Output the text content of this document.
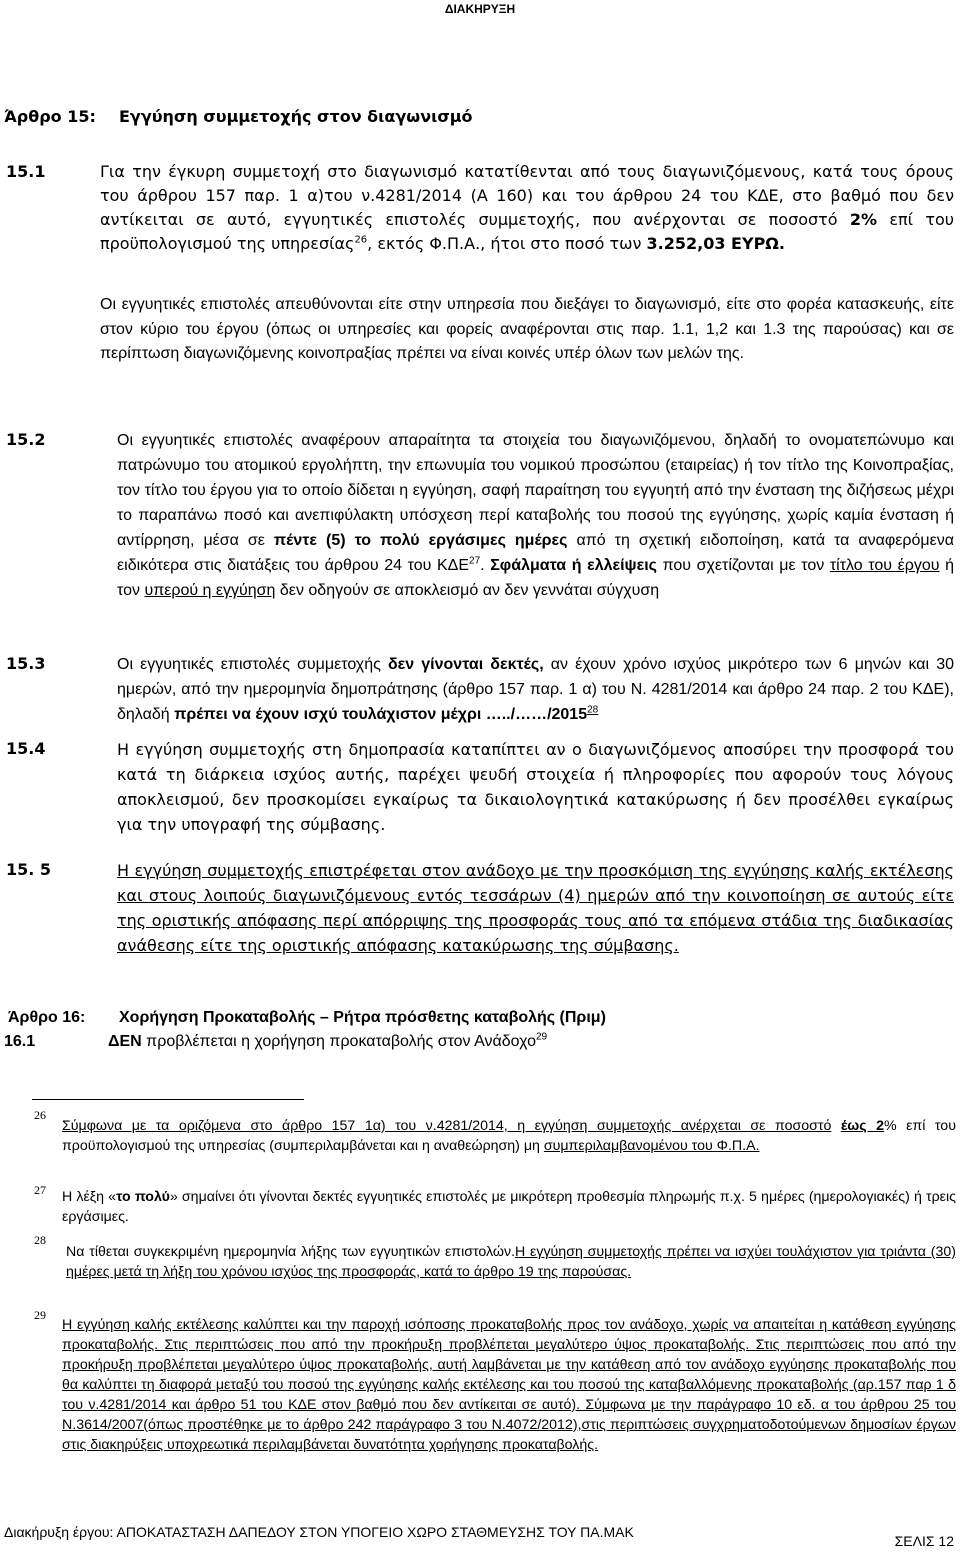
ΔΙΑΚΗΡΥΞΗ
Άρθρο 15: Εγγύηση συμμετοχής στον διαγωνισμό
15.1	Για την έγκυρη συμμετοχή στο διαγωνισμό κατατίθενται από τους διαγωνιζόμενους, κατά τους όρους του άρθρου 157 παρ. 1 α)του ν.4281/2014 (Α 160) και του άρθρου 24 του ΚΔΕ, στο βαθμό που δεν αντίκειται σε αυτό, εγγυητικές επιστολές συμμετοχής, που ανέρχονται σε ποσοστό 2% επί του προϋπολογισμού της υπηρεσίας$^{26}$, εκτός Φ.Π.Α., ήτοι στο ποσό των 3.252,03 ΕΥΡΩ.
Οι εγγυητικές επιστολές απευθύνονται είτε στην υπηρεσία που διεξάγει το διαγωνισμό, είτε στο φορέα κατασκευής, είτε στον κύριο του έργου (όπως οι υπηρεσίες και φορείς αναφέρονται στις παρ. 1.1, 1,2 και 1.3 της παρούσας) και σε περίπτωση διαγωνιζόμενης κοινοπραξίας πρέπει να είναι κοινές υπέρ όλων των μελών της.
15.2	Οι εγγυητικές επιστολές αναφέρουν απαραίτητα τα στοιχεία του διαγωνιζόμενου, δηλαδή το ονοματεπώνυμο και πατρώνυμο του ατομικού εργολήπτη, την επωνυμία του νομικού προσώπου (εταιρείας) ή τον τίτλο της Κοινοπραξίας, τον τίτλο του έργου για το οποίο δίδεται η εγγύηση, σαφή παραίτηση του εγγυητή από την ένσταση της διζήσεως μέχρι το παραπάνω ποσό και ανεπιφύλακτη υπόσχεση περί καταβολής του ποσού της εγγύησης, χωρίς καμία ένσταση ή αντίρρηση, μέσα σε πέντε (5) το πολύ εργάσιμες ημέρες από τη σχετική ειδοποίηση, κατά τα αναφερόμενα ειδικότερα στις διατάξεις του άρθρου 24 του ΚΔΕ$^{27}$. Σφάλματα ή ελλείψεις που σχετίζονται με τον τίτλο του έργου ή τον υπερού η εγγύηση δεν οδηγούν σε αποκλεισμό αν δεν γεννάται σύγχυση
15.3	Οι εγγυητικές επιστολές συμμετοχής δεν γίνονται δεκτές, αν έχουν χρόνο ισχύος μικρότερο των 6 μηνών και 30 ημερών, από την ημερομηνία δημοπράτησης (άρθρο 157 παρ. 1 α) του Ν. 4281/2014 και άρθρο 24 παρ. 2 του ΚΔΕ), δηλαδή πρέπει να έχουν ισχύ τουλάχιστον μέχρι …../……/2015$^{28}$
15.4	Η εγγύηση συμμετοχής στη δημοπρασία καταπίπτει αν ο διαγωνιζόμενος αποσύρει την προσφορά του κατά τη διάρκεια ισχύος αυτής, παρέχει ψευδή στοιχεία ή πληροφορίες που αφορούν τους λόγους αποκλεισμού, δεν προσκομίσει εγκαίρως τα δικαιολογητικά κατακύρωσης ή δεν προσέλθει εγκαίρως για την υπογραφή της σύμβασης.
15. 5	Η εγγύηση συμμετοχής επιστρέφεται στον ανάδοχο με την προσκόμιση της εγγύησης καλής εκτέλεσης και στους λοιπούς διαγωνιζόμενους εντός τεσσάρων (4) ημερών από την κοινοποίηση σε αυτούς είτε της οριστικής απόφασης περί απόρριψης της προσφοράς τους από τα επόμενα στάδια της διαδικασίας ανάθεσης είτε της οριστικής απόφασης κατακύρωσης της σύμβασης.
Άρθρο 16: Χορήγηση Προκαταβολής – Ρήτρα πρόσθετης καταβολής (Πριμ)
16.1	ΔΕΝ προβλέπεται η χορήγηση προκαταβολής στον Ανάδοχο$^{29}$
26
Σύμφωνα με τα οριζόμενα στο άρθρο 157 1α) του ν.4281/2014, η εγγύηση συμμετοχής ανέρχεται σε ποσοστό έως 2% επί του προϋπολογισμού της υπηρεσίας (συμπεριλαμβάνεται και η αναθεώρηση) μη συμπεριλαμβανομένου του Φ.Π.Α.
27 Η λέξη «το πολύ» σημαίνει ότι γίνονται δεκτές εγγυητικές επιστολές με μικρότερη προθεσμία πληρωμής π.χ. 5 ημέρες (ημερολογιακές) ή τρεις εργάσιμες.
28
Να τίθεται συγκεκριμένη ημερομηνία λήξης των εγγυητικών επιστολών.Η εγγύηση συμμετοχής πρέπει να ισχύει τουλάχιστον για τριάντα (30) ημέρες μετά τη λήξη του χρόνου ισχύος της προσφοράς, κατά το άρθρο 19 της παρούσας.
29
Η εγγύηση καλής εκτέλεσης καλύπτει και την παροχή ισόποσης προκαταβολής προς τον ανάδοχο, χωρίς να απαιτείται η κατάθεση εγγύησης προκαταβολής. Στις περιπτώσεις που από την προκήρυξη προβλέπεται μεγαλύτερο ύψος προκαταβολής. Στις περιπτώσεις που από την προκήρυξη προβλέπεται μεγαλύτερο ύψος προκαταβολής, αυτή λαμβάνεται με την κατάθεση από τον ανάδοχο εγγύησης προκαταβολής που θα καλύπτει τη διαφορά μεταξύ του ποσού της εγγύησης καλής εκτέλεσης και του ποσού της καταβαλλόμενης προκαταβολής (αρ.157 παρ 1 δ του ν.4281/2014 και άρθρο 51 του ΚΔΕ στον βαθμό που δεν αντίκειται σε αυτό). Σύμφωνα με την παράγραφο 10 εδ. α του άρθρου 25 του Ν.3614/2007(όπως προστέθηκε με το άρθρο 242 παράγραφο 3 του Ν.4072/2012),στις περιπτώσεις συγχρηματοδοτούμενων δημοσίων έργων στις διακηρύξεις υποχρεωτικά περιλαμβάνεται δυνατότητα χορήγησης προκαταβολής.
Διακήρυξη έργου: ΑΠΟΚΑΤΑΣΤΑΣΗ ΔΑΠΕΔΟΥ ΣΤΟΝ ΥΠΟΓΕΙΟ ΧΩΡΟ ΣΤΑΘΜΕΥΣΗΣ ΤΟΥ ΠΑ.ΜΑΚ
ΣΕΛΙΣ 12
